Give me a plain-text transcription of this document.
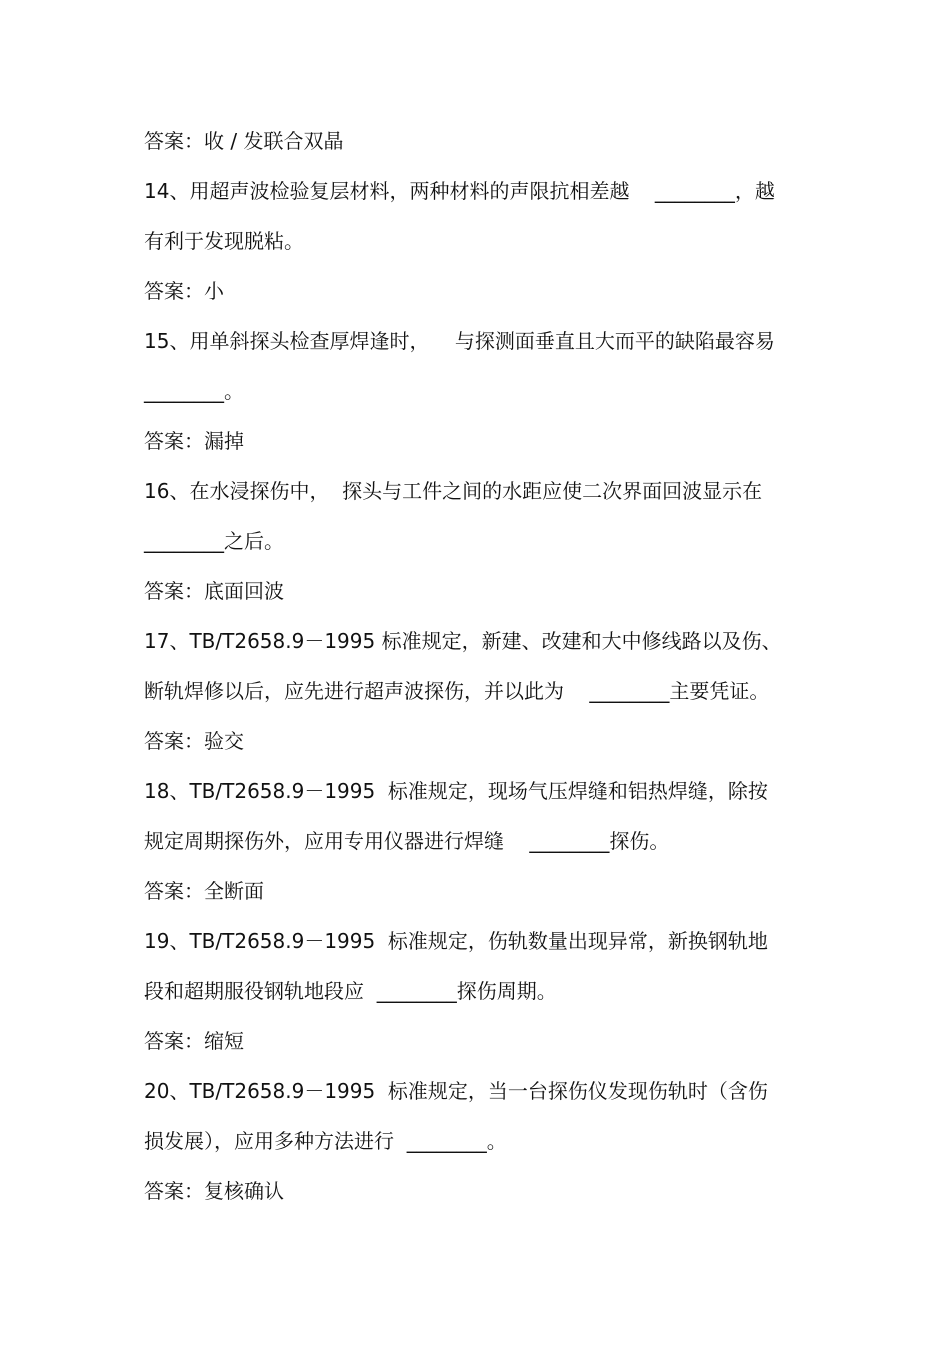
答案：收 / 发联合双晶

14、用超声波检验复层材料，两种材料的声限抗相差越    ________，越

有利于发现脱粘。

答案：小

15、用单斜探头检查厚焊逢时，    与探测面垂直且大而平的缺陷最容易

________。

答案：漏掉

16、在水浸探伤中，  探头与工件之间的水距应使二次界面回波显示在

________之后。

答案：底面回波

17、TB/T2658.9－1995 标准规定，新建、改建和大中修线路以及伤、

断轨焊修以后，应先进行超声波探伤，并以此为    ________主要凭证。

答案：验交

18、TB/T2658.9－1995  标准规定，现场气压焊缝和铝热焊缝，除按

规定周期探伤外，应用专用仪器进行焊缝    ________探伤。

答案：全断面

19、TB/T2658.9－1995  标准规定，伤轨数量出现异常，新换钢轨地

段和超期服役钢轨地段应  ________探伤周期。

答案：缩短

20、TB/T2658.9－1995  标准规定，当一台探伤仪发现伤轨时（含伤

损发展），应用多种方法进行  ________。

答案：复核确认
